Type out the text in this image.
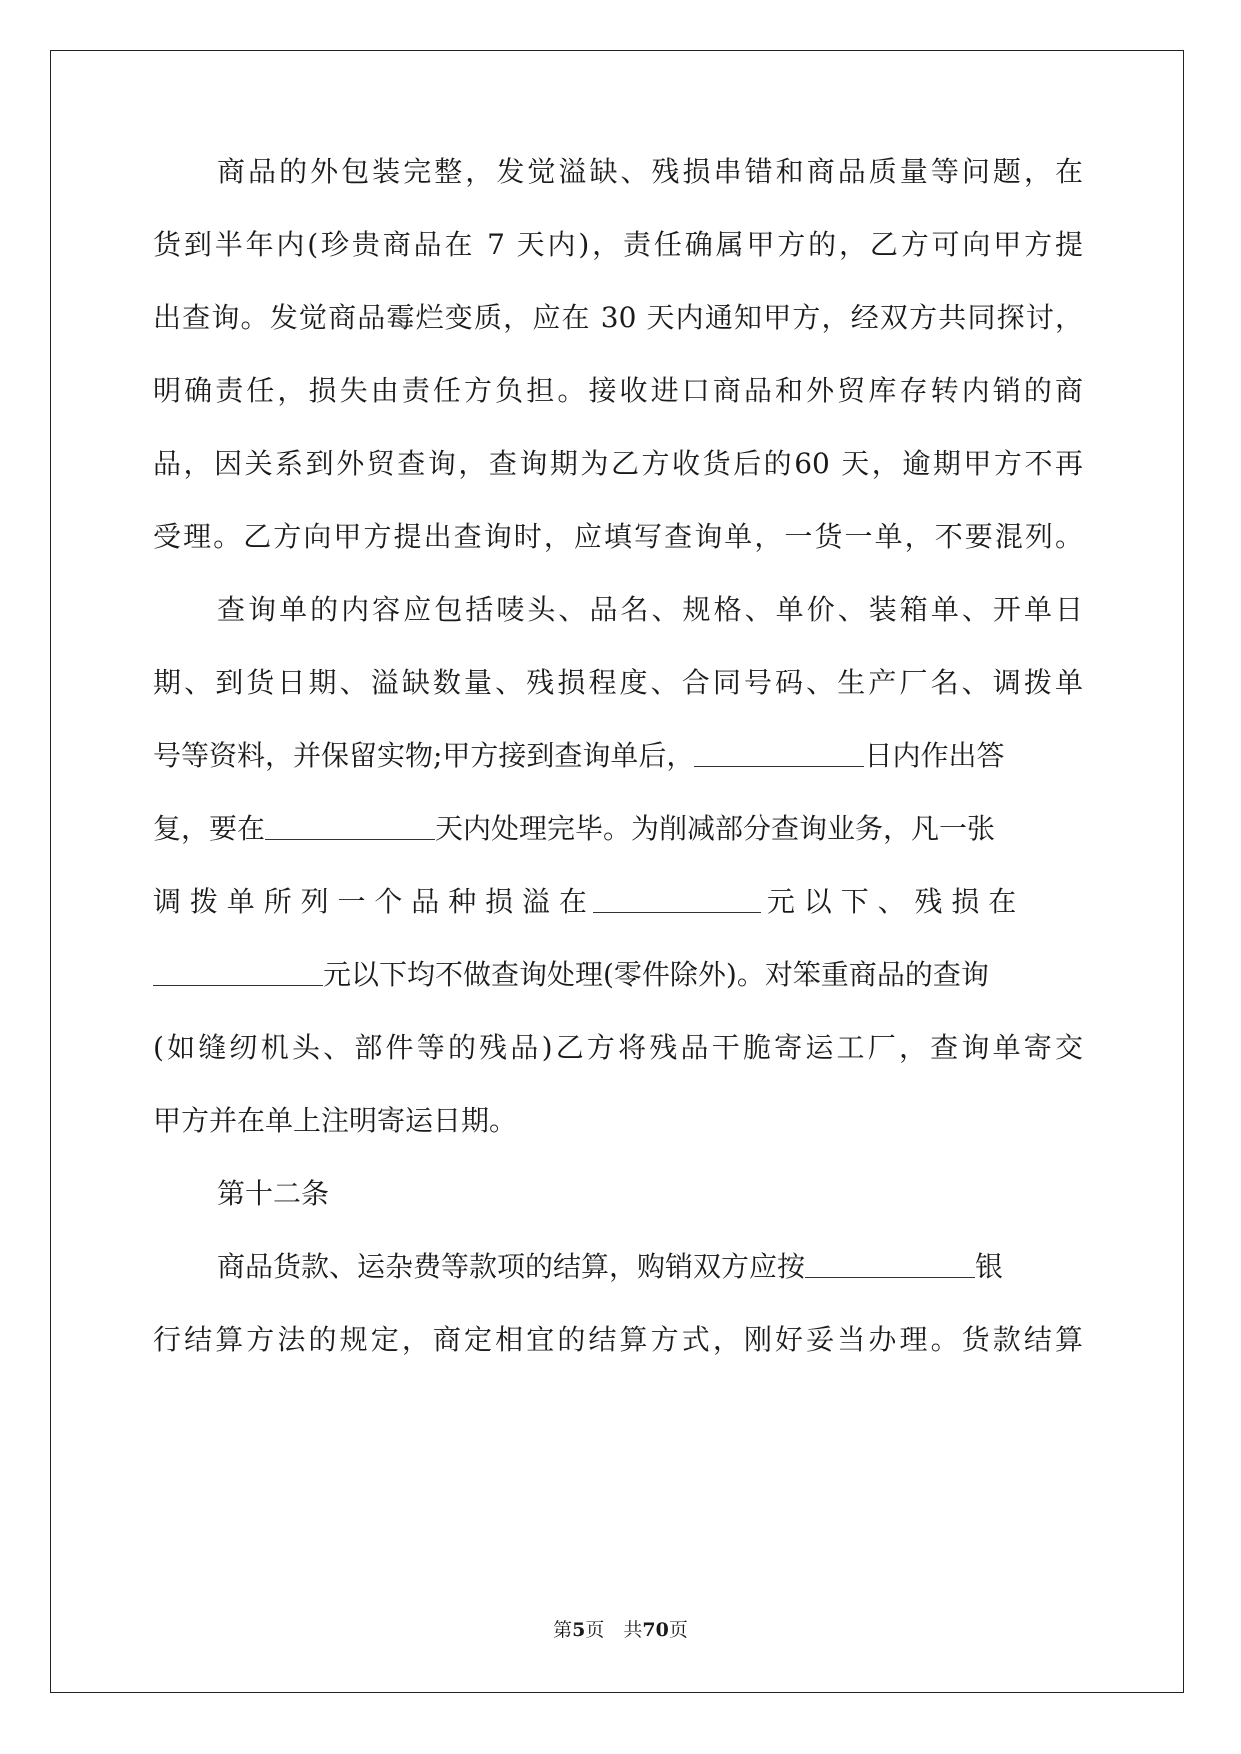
商品的外包装完整，发觉溢缺、残损串错和商品质量等问题，在
货到半年内(珍贵商品在 7 天内)，责任确属甲方的，乙方可向甲方提
出查询。发觉商品霉烂变质，应在 30 天内通知甲方，经双方共同探讨，
明确责任，损失由责任方负担。接收进口商品和外贸库存转内销的商
品，因关系到外贸查询，查询期为乙方收货后的60 天，逾期甲方不再
受理。乙方向甲方提出查询时，应填写查询单，一货一单，不要混列。
查询单的内容应包括唛头、品名、规格、单价、装箱单、开单日
期、到货日期、溢缺数量、残损程度、合同号码、生产厂名、调拨单
号等资料，并保留实物;甲方接到查询单后，	日内作出答
复，要在	天内处理完毕。为削减部分查询业务，凡一张
调 拨 单 所 列 一 个 品 种 损 溢 在	元 以 下 、 残 损 在
元以下均不做查询处理(零件除外)。对笨重商品的查询
(如缝纫机头、部件等的残品)乙方将残品干脆寄运工厂，查询单寄交
甲方并在单上注明寄运日期。
第十二条
商品货款、运杂费等款项的结算，购销双方应按	银
行结算方法的规定，商定相宜的结算方式，刚好妥当办理。货款结算
第5页　共70页
